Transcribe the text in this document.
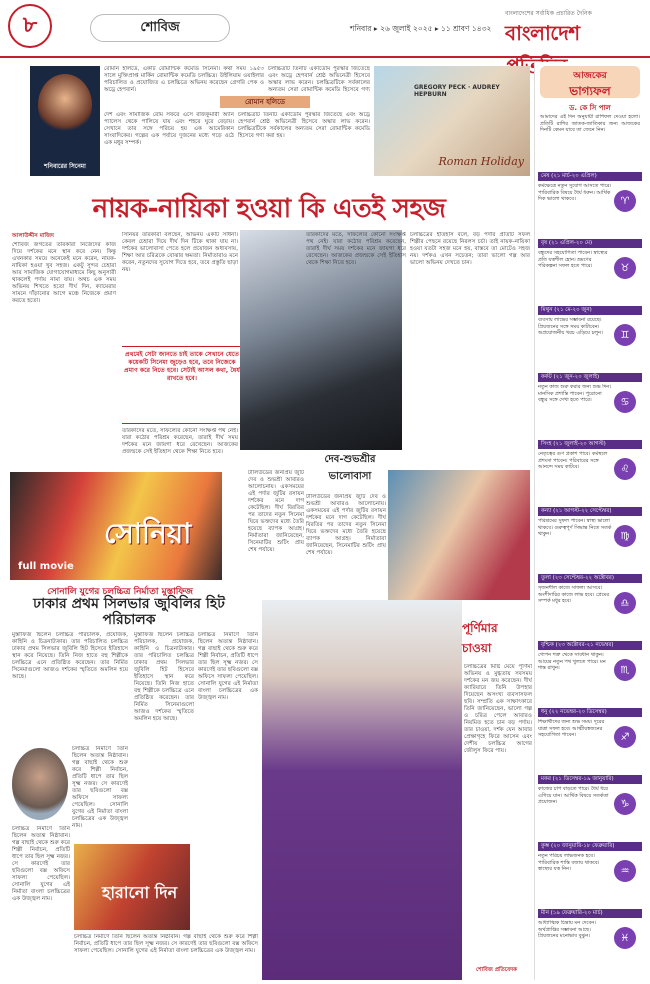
৮	শোবিজ	শনিবার ▸ ২৬ জুলাই ২০২৫ ▸ ১১ শ্রাবণ ১৪৩২
বাংলাদেশের সর্বাধিক প্রচারিত দৈনিক
বাংলাদেশ
শনিবারের সিনেমা
রোমান হলিডে, একটি রোমান্টিক কমেডি সিনেমা। কথা সময় ১৯৫৩ সালে মুক্তিপ্রাপ্ত মার্কিন রোমান্টিক কমেডি চলচ্চিত্র। উইলিয়াম ওয়াইলার পরিচালিত ও প্রযোজিত এ চলচ্চিত্রে অভিনয় করেছেন গ্রেগরি পেক ও অড্রে হেপবার্ন।
চলচ্চিত্রটি তিনটি একাডেমি পুরস্কার জিতেছে এবং অড্রে হেপবার্ন শ্রেষ্ঠ অভিনেত্রী হিসেবে অস্কার লাভ করেন। চলচ্চিত্রটিকে সর্বকালের অন্যতম সেরা রোমান্টিক কমেডি হিসেবে গণ্য
রোমান হলিডে
দেশ এবং সামাজিক রোম সফরে এসে রাজকুমারী অ্যান প্যালেস থেকে পালিয়ে যায় এবং শহরে ঘুরে বেড়ায়। সেখানে তার সঙ্গে পরিচয় হয় এক আমেরিকান সাংবাদিকের। গল্পের এক পর্যায়ে দুজনের মধ্যে গড়ে ওঠে এক মধুর সম্পর্ক।
চলচ্চিত্রটি তিনটি একাডেমি পুরস্কার জিতেছে এবং অড্রে হেপবার্ন শ্রেষ্ঠ অভিনেত্রী হিসেবে অস্কার লাভ করেন। চলচ্চিত্রটিকে সর্বকালের অন্যতম সেরা রোমান্টিক কমেডি হিসেবে গণ্য করা হয়।
GREGORY PECK · AUDREY HEPBURN
Roman Holiday
নায়ক-নায়িকা হওয়া কি এতই সহজ
আলাউদ্দীন মাজিদ
শোবিজ জগতের তারকারা নিজেদের কাজ দিয়ে দর্শকের মনে স্থান করে নেন। কিন্তু এখনকার সময়ে অনেকেই মনে করেন, নায়ক-নায়িকা হওয়া খুব সহজ। একটু সুন্দর চেহারা আর সামাজিক যোগাযোগমাধ্যমে কিছু অনুসারী থাকলেই পর্দায় নামা যায়। অথচ এক সময় অভিনয় শিখতে হতো দীর্ঘ দিন, ক্যামেরার সামনে দাঁড়ানোর আগে মঞ্চে নিজেকে প্রমাণ করতে হতো।
সিনিয়র তারকারা বলছেন, অভিনয় একটি সাধনা। কেবল চেহারা দিয়ে দীর্ঘ দিন টিকে থাকা যায় না। দর্শকের ভালোবাসা পেতে হলে প্রয়োজন অধ্যবসায়, শিক্ষা আর চরিত্রকে বোঝার ক্ষমতা। নির্মাতারাও মনে করেন, নতুনদের সুযোগ দিতে হবে, তবে প্রস্তুতি ছাড়া নয়।
প্রথমেই সেটা জানতে চাই তাকে সেখানে যেতে কয়েকটি সিনেমা জুড়েও হবে, তবে নিজেকে প্রমাণ করে নিতে হবে। সেটাই আসল কথা, ধৈর্য রাখতে হবে।
তারকাদের মতে, সাফল্যের কোনো সংক্ষিপ্ত পথ নেই। যারা কঠোর পরিশ্রম করেছেন, তারাই দীর্ঘ সময় দর্শকের মনে জায়গা ধরে রেখেছেন। আজকের প্রজন্মকে সেই ইতিহাস থেকে শিক্ষা নিতে হবে।
তারকাদের মতে, সাফল্যের কোনো সংক্ষিপ্ত পথ নেই। যারা কঠোর পরিশ্রম করেছেন, তারাই দীর্ঘ সময় দর্শকের মনে জায়গা ধরে রেখেছেন। আজকের প্রজন্মকে সেই ইতিহাস থেকে শিক্ষা নিতে হবে।
চলচ্চিত্রের ইতিহাস বলে, বড় পর্দার প্রতিটি সফল শিল্পীর পেছনে রয়েছে নিরলস চর্চা। তাই নায়ক-নায়িকা হওয়া যতটা সহজ মনে হয়, বাস্তবে তা মোটেও সহজ নয়। দর্শকও এখন সচেতন; তারা ভালো গল্প আর ভালো অভিনয় দেখতে চান।
দেব-শুভশ্রীর ভালোবাসা
টালিউডের জনপ্রিয় জুটি দেব ও শুভশ্রী আবারও আলোচনায়। একসময়ের এই পর্দার জুটির রসায়ন দর্শকের মনে দাগ কেটেছিল। দীর্ঘ বিরতির পর তাদের নতুন সিনেমা ঘিরে ভক্তদের মধ্যে তৈরি হয়েছে ব্যাপক আগ্রহ। নির্মাতারা জানিয়েছেন, সিনেমাটির শুটিং প্রায় শেষ পর্যায়ে।
টালিউডের জনপ্রিয় জুটি দেব ও শুভশ্রী আবারও আলোচনায়। একসময়ের এই পর্দার জুটির রসায়ন দর্শকের মনে দাগ কেটেছিল। দীর্ঘ বিরতির পর তাদের নতুন সিনেমা ঘিরে ভক্তদের মধ্যে তৈরি হয়েছে ব্যাপক আগ্রহ। নির্মাতারা জানিয়েছেন, সিনেমাটির শুটিং প্রায় শেষ পর্যায়ে।
সোনিয়া
full movie
সোনালি যুগের চলচ্চিত্র নির্মাতা মুস্তাফিজ
ঢাকার প্রথম সিলভার জুবিলির হিট পরিচালক
মুস্তাফিজ ছিলেন চলচ্চিত্র পরিচালক, প্রযোজক, কাহিনি ও চিত্রনাট্যকার। তার পরিচালিত চলচ্চিত্র ঢাকার প্রথম সিলভার জুবিলি হিট হিসেবে ইতিহাসে স্থান করে নিয়েছে। তিনি নিজ হাতে বহু শিল্পীকে চলচ্চিত্রে এনে প্রতিষ্ঠিত করেছেন। তার নির্মিত সিনেমাগুলো আজও দর্শকের স্মৃতিতে অমলিন হয়ে আছে।
চলচ্চিত্র নির্মাণে তিনি ছিলেন অত্যন্ত নিষ্ঠাবান। গল্প বাছাই থেকে শুরু করে শিল্পী নির্বাচন, প্রতিটি ধাপে তার ছিল সূক্ষ্ম নজর। সে কারণেই তার ছবিগুলো বক্স অফিসে সাফল্য পেয়েছিল। সোনালি যুগের এই নির্মাতা বাংলা চলচ্চিত্রের এক উজ্জ্বল নাম।
চলচ্চিত্র নির্মাণে তিনি ছিলেন অত্যন্ত নিষ্ঠাবান। গল্প বাছাই থেকে শুরু করে শিল্পী নির্বাচন, প্রতিটি ধাপে তার ছিল সূক্ষ্ম নজর। সে কারণেই তার ছবিগুলো বক্স অফিসে সাফল্য পেয়েছিল। সোনালি যুগের এই নির্মাতা বাংলা চলচ্চিত্রের এক উজ্জ্বল নাম।
মুস্তাফিজ ছিলেন চলচ্চিত্র পরিচালক, প্রযোজক, কাহিনি ও চিত্রনাট্যকার। তার পরিচালিত চলচ্চিত্র ঢাকার প্রথম সিলভার জুবিলি হিট হিসেবে ইতিহাসে স্থান করে নিয়েছে। তিনি নিজ হাতে বহু শিল্পীকে চলচ্চিত্রে এনে প্রতিষ্ঠিত করেছেন। তার নির্মিত সিনেমাগুলো আজও দর্শকের স্মৃতিতে অমলিন হয়ে আছে।
চলচ্চিত্র নির্মাণে তিনি ছিলেন অত্যন্ত নিষ্ঠাবান। গল্প বাছাই থেকে শুরু করে শিল্পী নির্বাচন, প্রতিটি ধাপে তার ছিল সূক্ষ্ম নজর। সে কারণেই তার ছবিগুলো বক্স অফিসে সাফল্য পেয়েছিল। সোনালি যুগের এই নির্মাতা বাংলা চলচ্চিত্রের এক উজ্জ্বল নাম।
হারানো দিন
চলচ্চিত্র নির্মাণে তিনি ছিলেন অত্যন্ত নিষ্ঠাবান। গল্প বাছাই থেকে শুরু করে শিল্পী নির্বাচন, প্রতিটি ধাপে তার ছিল সূক্ষ্ম নজর। সে কারণেই তার ছবিগুলো বক্স অফিসে সাফল্য পেয়েছিল। সোনালি যুগের এই নির্মাতা বাংলা চলচ্চিত্রের এক উজ্জ্বল নাম।
পূর্ণিমার চাওয়া
চলচ্চিত্রের মিষ্টি মেয়ে পূর্ণিমা অভিনয় ও মুগ্ধতায় সবসময় দর্শকের মন জয় করেছেন। দীর্ঘ ক্যারিয়ারে তিনি উপহার দিয়েছেন অসংখ্য ব্যবসাসফল ছবি। সম্প্রতি এক সাক্ষাৎকারে তিনি জানিয়েছেন, ভালো গল্প ও চরিত্র পেলে আবারও নিয়মিত হতে চান বড় পর্দায়। তার চাওয়া, দর্শক যেন আবার প্রেক্ষাগৃহে ফিরে আসেন এবং দেশীয় চলচ্চিত্র আগের জৌলুস ফিরে পায়।
শোবিজ প্রতিবেদক
আজকের
ভাগ্যফল
ড. কে সি পাল
আমাদের এই দিন অনুযায়ী রাশিফল দেওয়া হলো। প্রতিটি রাশির জাতক-জাতিকার জন্য আজকের দিনটি কেমন যাবে তা জেনে নিন।
মেষ (২১ মার্চ-২০ এপ্রিল)
কর্মক্ষেত্রে নতুন সুযোগ আসতে পারে। পারিবারিক বিষয়ে ধৈর্য ধরুন। আর্থিক দিক ভালো থাকবে।	♈
বৃষ (২১ এপ্রিল-২০ মে)
বন্ধুদের সহযোগিতা পাবেন। স্বাস্থ্যের প্রতি যত্নশীল হোন। ভ্রমণের পরিকল্পনা সফল হতে পারে।	♉
মিথুন (২১ মে-২০ জুন)
ব্যবসায় লাভের সম্ভাবনা রয়েছে। প্রিয়জনের সঙ্গে সময় কাটাবেন। অপ্রয়োজনীয় খরচ এড়িয়ে চলুন।	♊
কর্কট (২১ জুন-২০ জুলাই)
নতুন কাজ শুরু করার জন্য শুভ দিন। মানসিক প্রশান্তি পাবেন। পুরোনো বন্ধুর সঙ্গে দেখা হতে পারে।	♋
সিংহ (২১ জুলাই-২০ আগস্ট)
নেতৃত্বের গুণ প্রকাশ পাবে। কর্মস্থলে প্রশংসা পাবেন। পরিবারের সঙ্গে আনন্দে সময় কাটবে।	♌
কন্যা (২১ আগস্ট-২২ সেপ্টেম্বর)
পরিশ্রমের সুফল পাবেন। স্বাস্থ্য ভালো থাকবে। গুরুত্বপূর্ণ সিদ্ধান্ত নিতে সতর্ক থাকুন।	♍
তুলা (২৩ সেপ্টেম্বর-২২ অক্টোবর)
সৃজনশীল কাজে সাফল্য আসবে। অংশীদারির কাজে লাভ হবে। প্রেমের সম্পর্ক মধুর হবে।	♎
বৃশ্চিক (২৩ অক্টোবর-২১ নভেম্বর)
গোপন শত্রু থেকে সাবধান থাকুন। আয়ের নতুন পথ খুলতে পারে। মন শান্ত রাখুন।	♏
ধনু (২২ নভেম্বর-২০ ডিসেম্বর)
শিক্ষার্থীদের জন্য শুভ সময়। দূরের যাত্রা সফল হবে। আত্মীয়স্বজনের সহযোগিতা পাবেন।	♐
মকর (২১ ডিসেম্বর-১৯ জানুয়ারি)
কাজের চাপ বাড়তে পারে। ধৈর্য ধরে এগিয়ে যান। আর্থিক বিষয়ে সতর্কতা প্রয়োজন।	♑
কুম্ভ (২০ জানুয়ারি-১৮ ফেব্রুয়ারি)
নতুন পরিচয় লাভজনক হবে। পারিবারিক শান্তি বজায় থাকবে। স্বাস্থ্যের যত্ন নিন।	♒
মীন (১৯ ফেব্রুয়ারি-২০ মার্চ)
আধ্যাত্মিক চিন্তায় মন দেবেন। অর্থপ্রাপ্তির সম্ভাবনা আছে। প্রিয়জনের মনোভাব বুঝুন।	♓
